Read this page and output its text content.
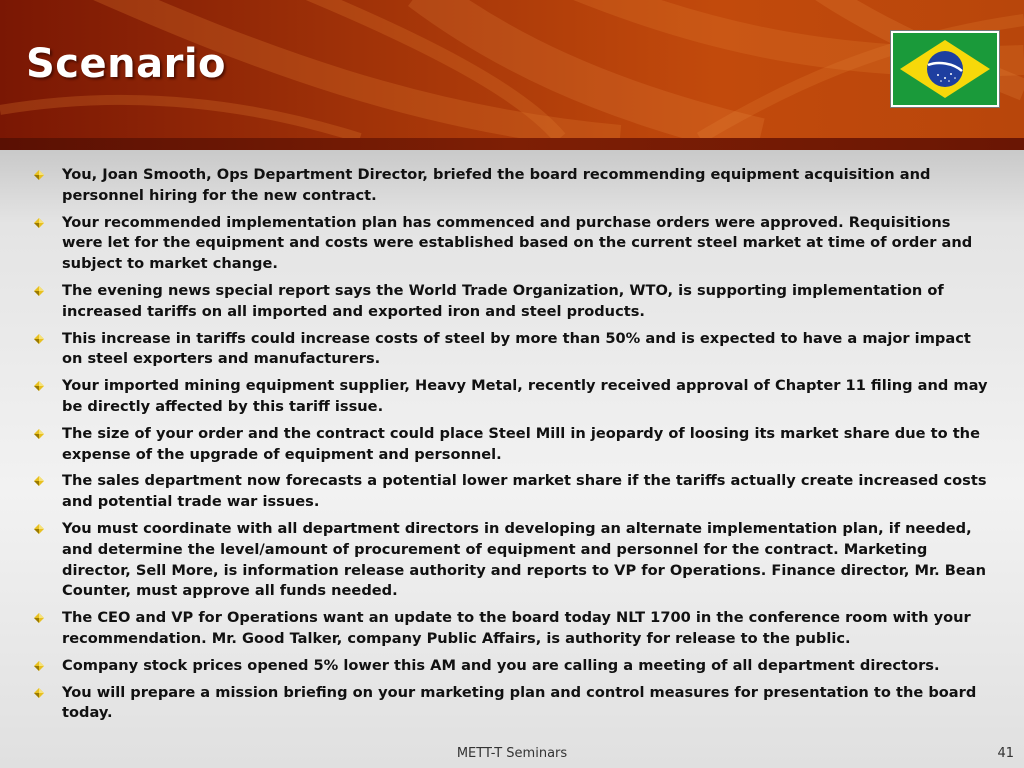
Scenario
You, Joan Smooth, Ops Department Director, briefed the board recommending equipment acquisition and personnel hiring for the new contract.
Your recommended implementation plan has commenced and purchase orders were approved. Requisitions were let for the equipment and costs were established based on the current steel market at time of order and subject to market change.
The evening news special report says the World Trade Organization, WTO, is supporting implementation of increased tariffs on all imported and exported iron and steel products.
This increase in tariffs could increase costs of steel by more than 50% and is expected to have a major impact on steel exporters and manufacturers.
Your imported mining equipment supplier, Heavy Metal, recently received approval of Chapter 11 filing and may be directly affected by this tariff issue.
The size of your order and the contract could place Steel Mill in jeopardy of loosing its market share due to the expense of the upgrade of equipment and personnel.
The sales department now forecasts a potential lower market share if the tariffs actually create increased costs and potential trade war issues.
You must coordinate with all department directors in developing an alternate implementation plan, if needed, and determine the level/amount of procurement of equipment and personnel for the contract. Marketing director, Sell More, is information release authority and reports to VP for Operations. Finance director, Mr. Bean Counter, must approve all funds needed.
The CEO and VP for Operations want an update to the board today NLT 1700 in the conference room with your recommendation. Mr. Good Talker, company Public Affairs, is authority for release to the public.
Company stock prices opened 5% lower this AM and you are calling a meeting of all department directors.
You will prepare a mission briefing on your marketing plan and control measures for presentation to the board today.
METT-T Seminars	41
